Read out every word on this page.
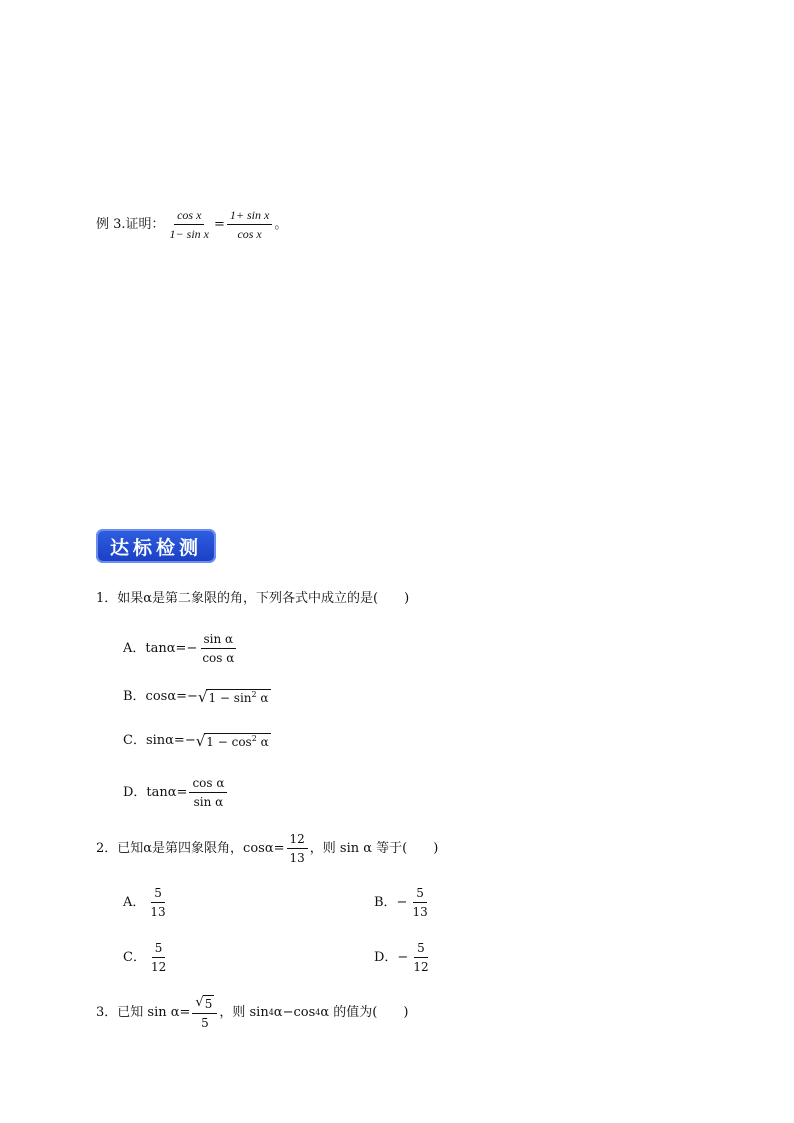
例 3.证明： $\frac{\text{cos x}}{\text{1− sin x}} = \frac{\text{1+ sin x}}{\text{cos x}}$ 。
达标检测
1．如果α是第二象限的角，下列各式中成立的是(　　)
A．$\tan\alpha=- \frac{\text{sin α}}{\text{cos α}}$
B．cosα=− √ $1 - \sin^2 \alpha$
C．sinα=− √ $1 - \cos^2 \alpha$
D．$\tan\alpha= \frac{\text{cos α}}{\text{sin α}}$
2．已知α是第四象限角，$\cos\alpha= \frac{12}{13}$ ，则 sin α 等于(　　)
A． $\frac{5}{13}$	B．− $\frac{5}{13}$
C． $\frac{5}{12}$	D．− $\frac{5}{12}$
3．已知 $\sin \alpha= \frac{√ 5}{5}$ ，则 sin 4 α−cos 4 α 的值为(　　)
